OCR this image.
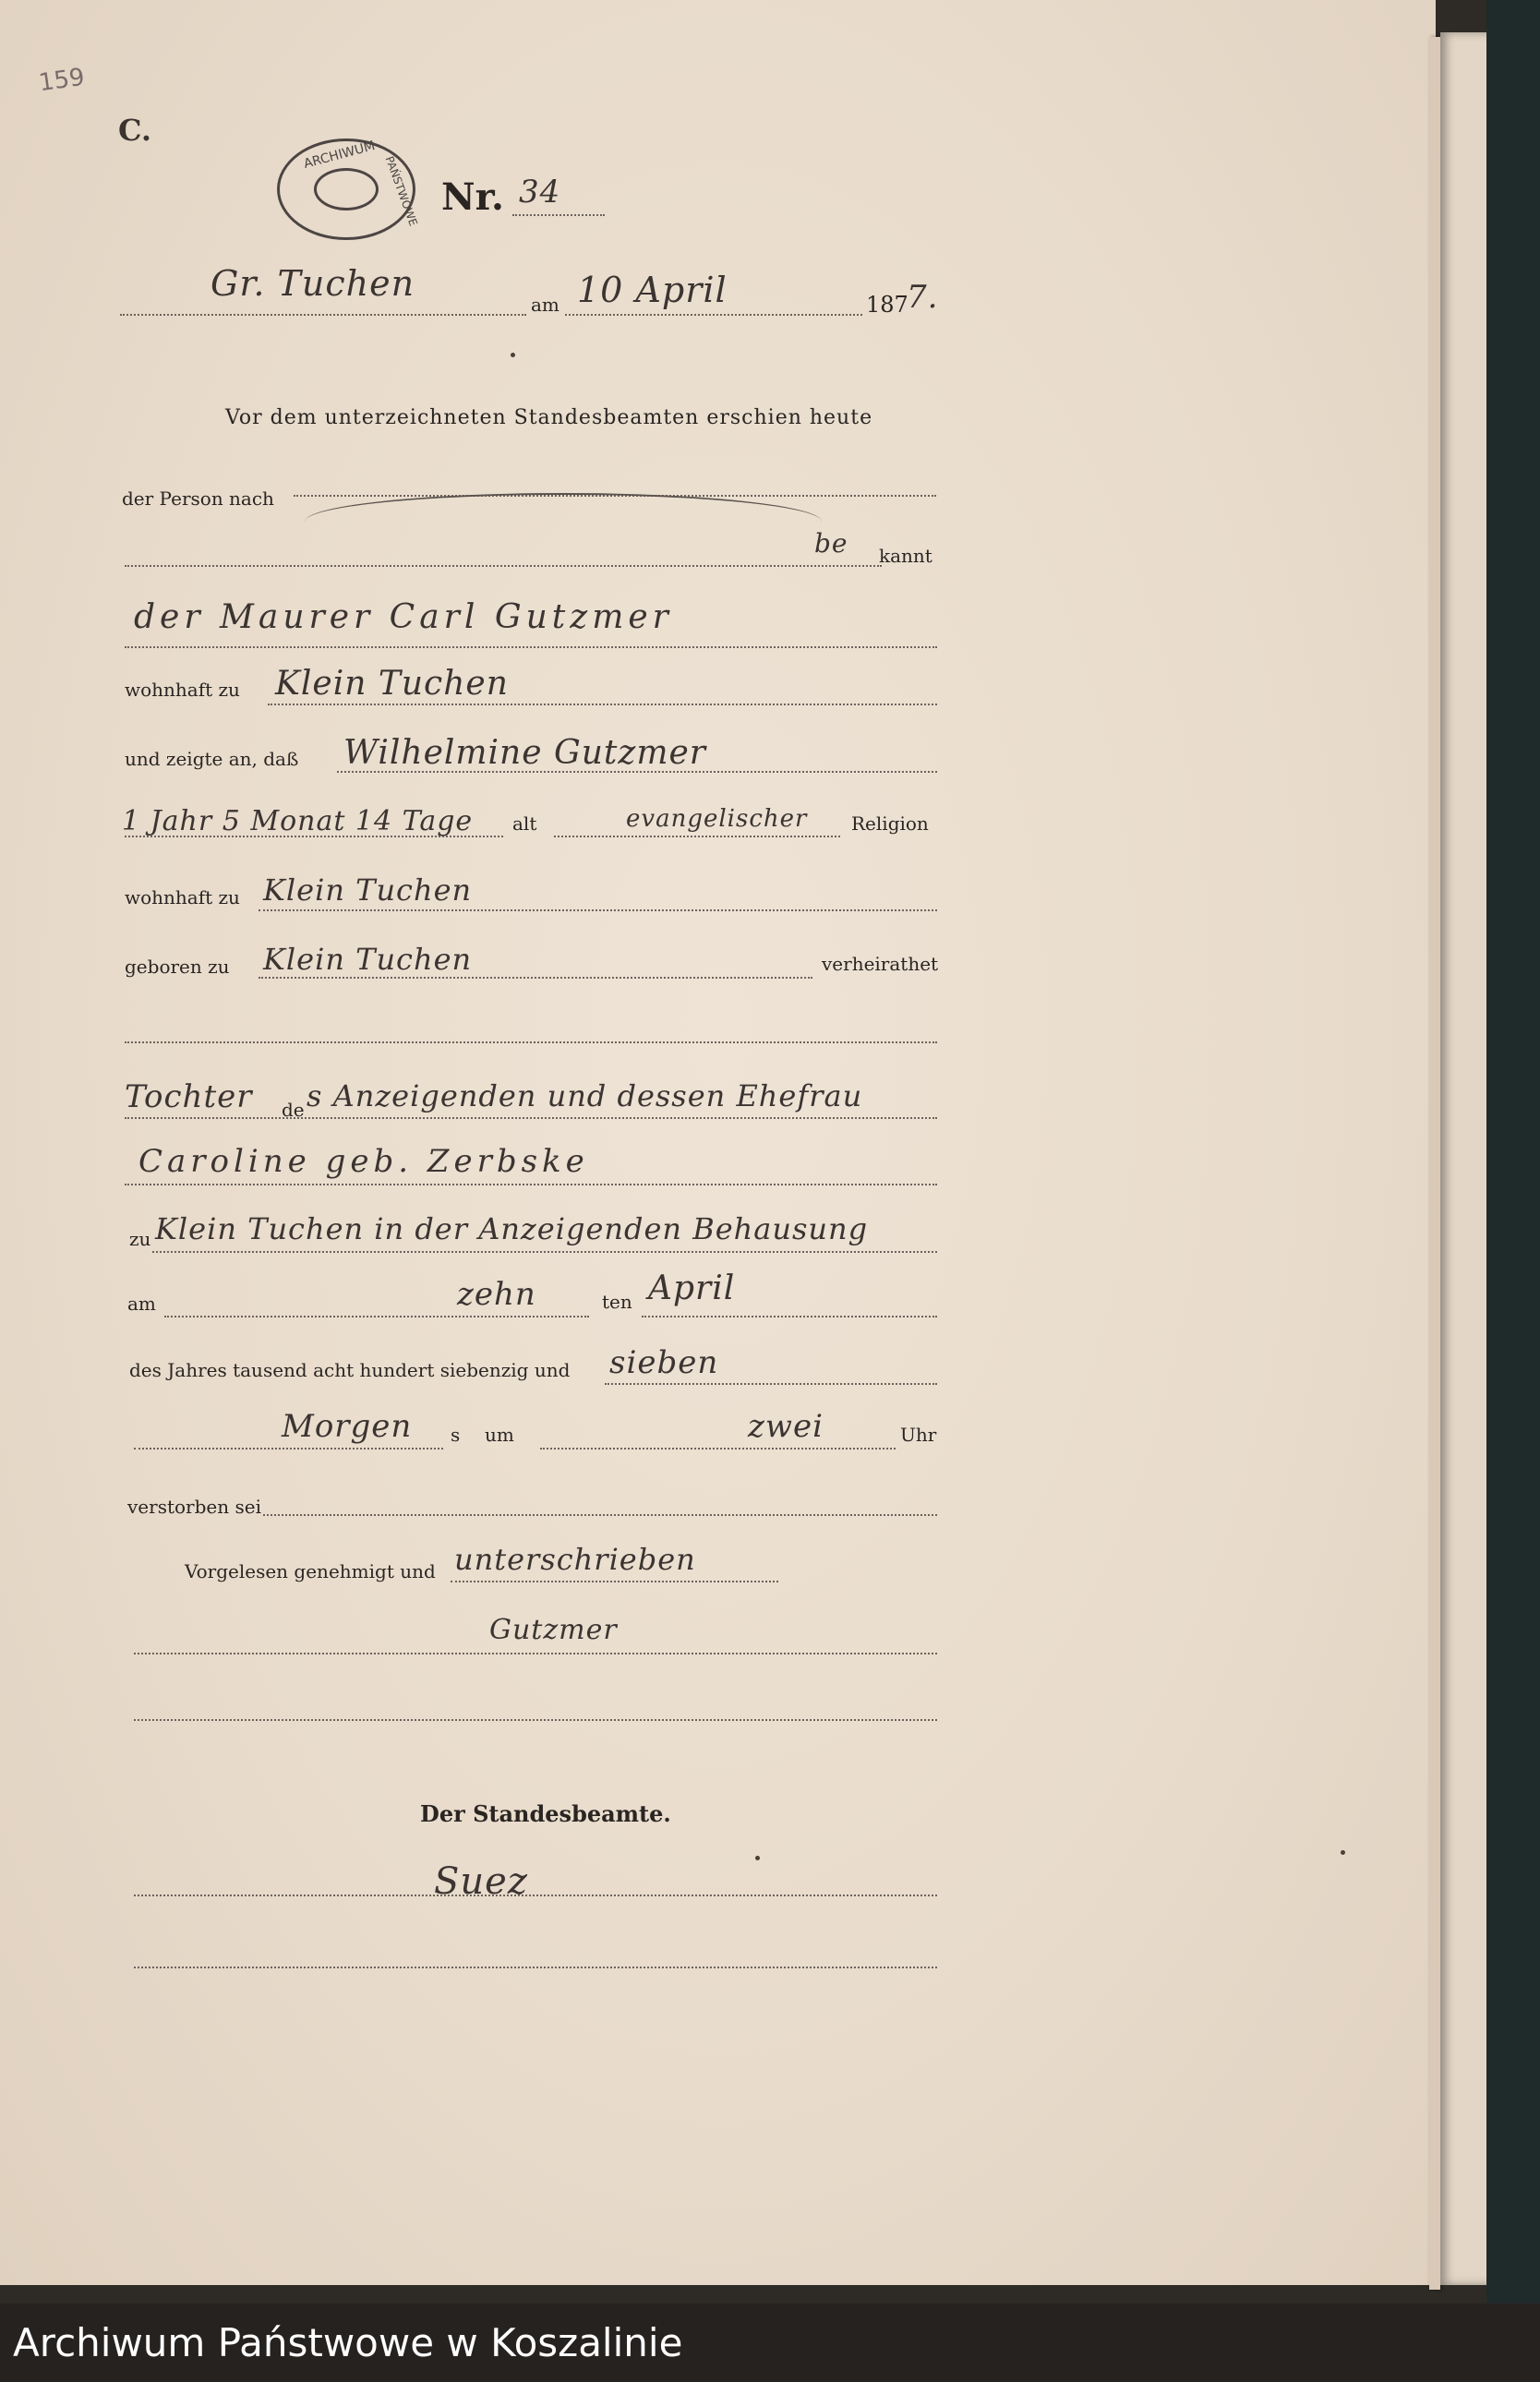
159
C.
ARCHIWUM PAŃSTWOWE Nr. 34
Gr. Tuchen
am 10 April	187
7.
Vor dem unterzeichneten Standesbeamten erschien heute
der Person nach
be kannt
der Maurer Carl Gutzmer
wohnhaft zu Klein Tuchen
und zeigte an, daß Wilhelmine Gutzmer
1 Jahr 5 Monat 14 Tage alt	evangelischer Religion
wohnhaft zu Klein Tuchen
geboren zu Klein Tuchen	verheirathet
Tochter de s Anzeigenden und dessen Ehefrau
Caroline geb. Zerbske
zu Klein Tuchen in der Anzeigenden Behausung
am	zehn	ten April
des Jahres tausend acht hundert siebenzig und sieben
Morgen s um	zwei	Uhr
verstorben sei
Vorgelesen genehmigt und unterschrieben
Gutzmer
Der Standesbeamte.
Suez
Archiwum Państwowe w Koszalinie
